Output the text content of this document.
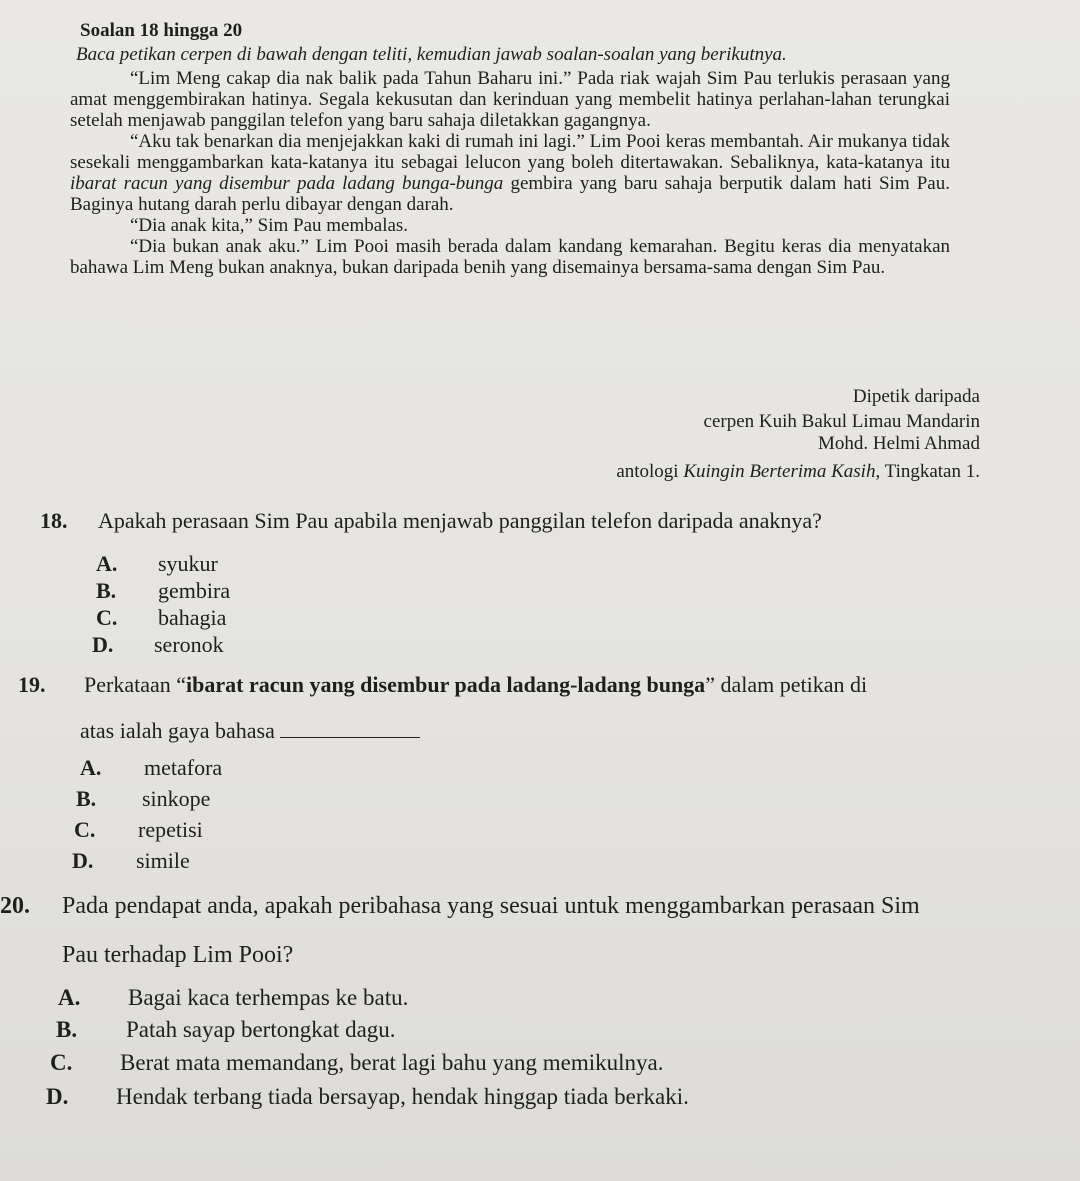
Soalan 18 hingga 20
Baca petikan cerpen di bawah dengan teliti, kemudian jawab soalan-soalan yang berikutnya.

“Lim Meng cakap dia nak balik pada Tahun Baharu ini.” Pada riak wajah Sim Pau terlukis perasaan yang amat menggembirakan hatinya. Segala kekusutan dan kerinduan yang membelit hatinya perlahan-lahan terungkai setelah menjawab panggilan telefon yang baru sahaja diletakkan gagangnya.

“Aku tak benarkan dia menjejakkan kaki di rumah ini lagi.” Lim Pooi keras membantah. Air mukanya tidak sesekali menggambarkan kata-katanya itu sebagai lelucon yang boleh ditertawakan. Sebaliknya, kata-katanya itu ibarat racun yang disembur pada ladang bunga-bunga gembira yang baru sahaja berputik dalam hati Sim Pau. Baginya hutang darah perlu dibayar dengan darah.

“Dia anak kita,” Sim Pau membalas.

“Dia bukan anak aku.” Lim Pooi masih berada dalam kandang kemarahan. Begitu keras dia menyatakan bahawa Lim Meng bukan anaknya, bukan daripada benih yang disemainya bersama-sama dengan Sim Pau.

Dipetik daripada
cerpen Kuih Bakul Limau Mandarin
Mohd. Helmi Ahmad
antologi Kuingin Berterima Kasih, Tingkatan 1.
18. Apakah perasaan Sim Pau apabila menjawab panggilan telefon daripada anaknya?
A. syukur
B. gembira
C. bahagia
D. seronok
19. Perkataan “ibarat racun yang disembur pada ladang-ladang bunga” dalam petikan di
atas ialah gaya bahasa
A. metafora
B. sinkope
C. repetisi
D. simile
20. Pada pendapat anda, apakah peribahasa yang sesuai untuk menggambarkan perasaan Sim
Pau terhadap Lim Pooi?
A. Bagai kaca terhempas ke batu.
B. Patah sayap bertongkat dagu.
C. Berat mata memandang, berat lagi bahu yang memikulnya.
D. Hendak terbang tiada bersayap, hendak hinggap tiada berkaki.
